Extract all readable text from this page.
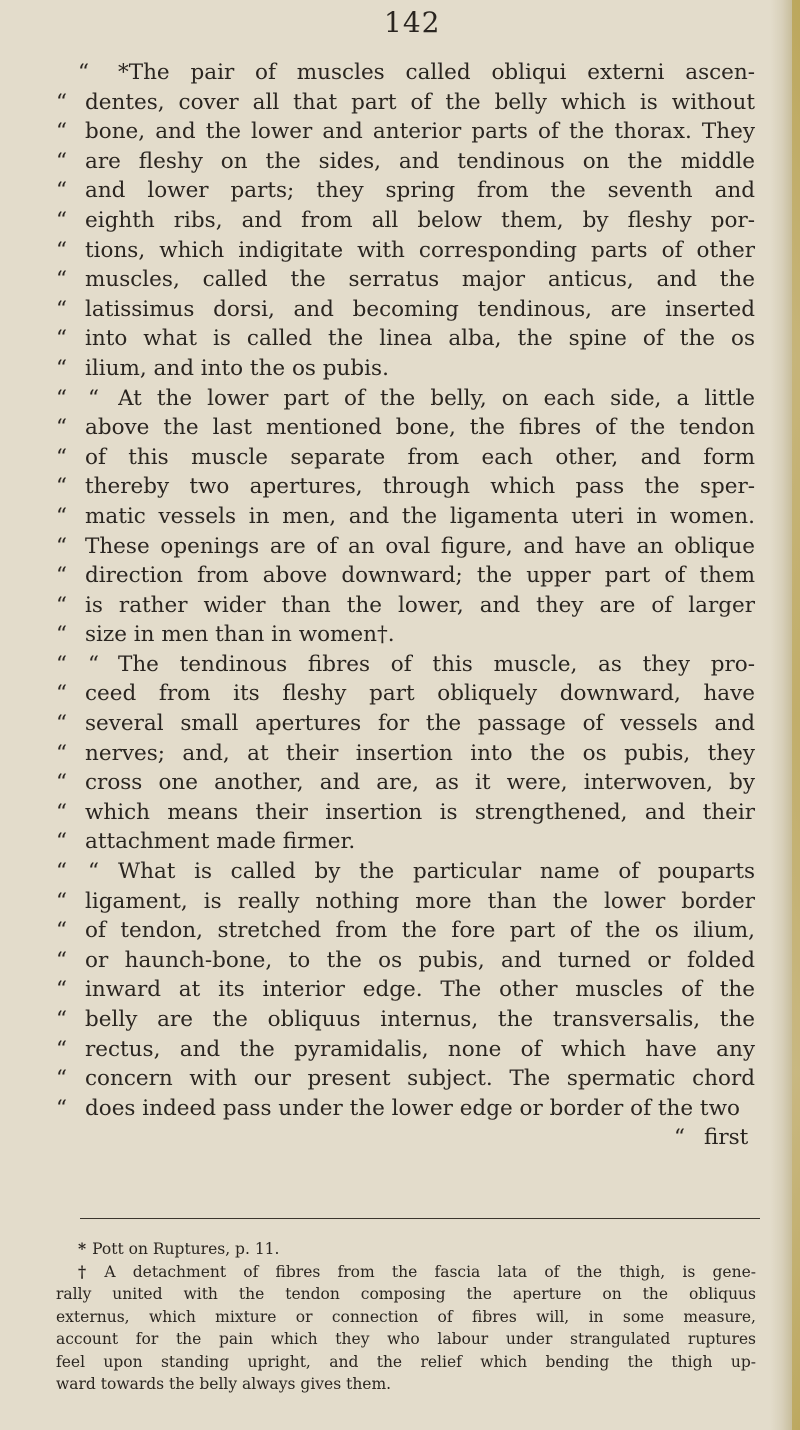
142
“ *The pair of muscles called obliqui externi ascen-
“ dentes, cover all that part of the belly which is without
“ bone, and the lower and anterior parts of the thorax. They
“ are fleshy on the sides, and tendinous on the middle
“ and lower parts; they spring from the seventh and
“ eighth ribs, and from all below them, by fleshy por-
“ tions, which indigitate with corresponding parts of other
“ muscles, called the serratus major anticus, and the
“ latissimus dorsi, and becoming tendinous, are inserted
“ into what is called the linea alba, the spine of the os
“ ilium, and into the os pubis.
“
“	At the lower part of the belly, on each side, a little
“ above the last mentioned bone, the fibres of the tendon
“ of this muscle separate from each other, and form
“ thereby two apertures, through which pass the sper-
“ matic vessels in men, and the ligamenta uteri in women.
“ These openings are of an oval figure, and have an oblique
“ direction from above downward; the upper part of them
“ is rather wider than the lower, and they are of larger
“ size in men than in women†.
“
“	The tendinous fibres of this muscle, as they pro-
“ ceed from its fleshy part obliquely downward, have
“ several small apertures for the passage of vessels and
“ nerves; and, at their insertion into the os pubis, they
“ cross one another, and are, as it were, interwoven, by
“ which means their insertion is strengthened, and their
“ attachment made firmer.
“
“	What is called by the particular name of pouparts
“ ligament, is really nothing more than the lower border
“ of tendon, stretched from the fore part of the os ilium,
“ or haunch-bone, to the os pubis, and turned or folded
“ inward at its interior edge. The other muscles of the
“ belly are the obliquus internus, the transversalis, the
“ rectus, and the pyramidalis, none of which have any
“ concern with our present subject. The spermatic chord
“ does indeed pass under the lower edge or border of the two
“ first
* Pott on Ruptures, p. 11.
† A detachment of fibres from the fascia lata of the thigh, is gene-
rally united with the tendon composing the aperture on the obliquus
externus, which mixture or connection of fibres will, in some measure,
account for the pain which they who labour under strangulated ruptures
feel upon standing upright, and the relief which bending the thigh up-
ward towards the belly always gives them.
